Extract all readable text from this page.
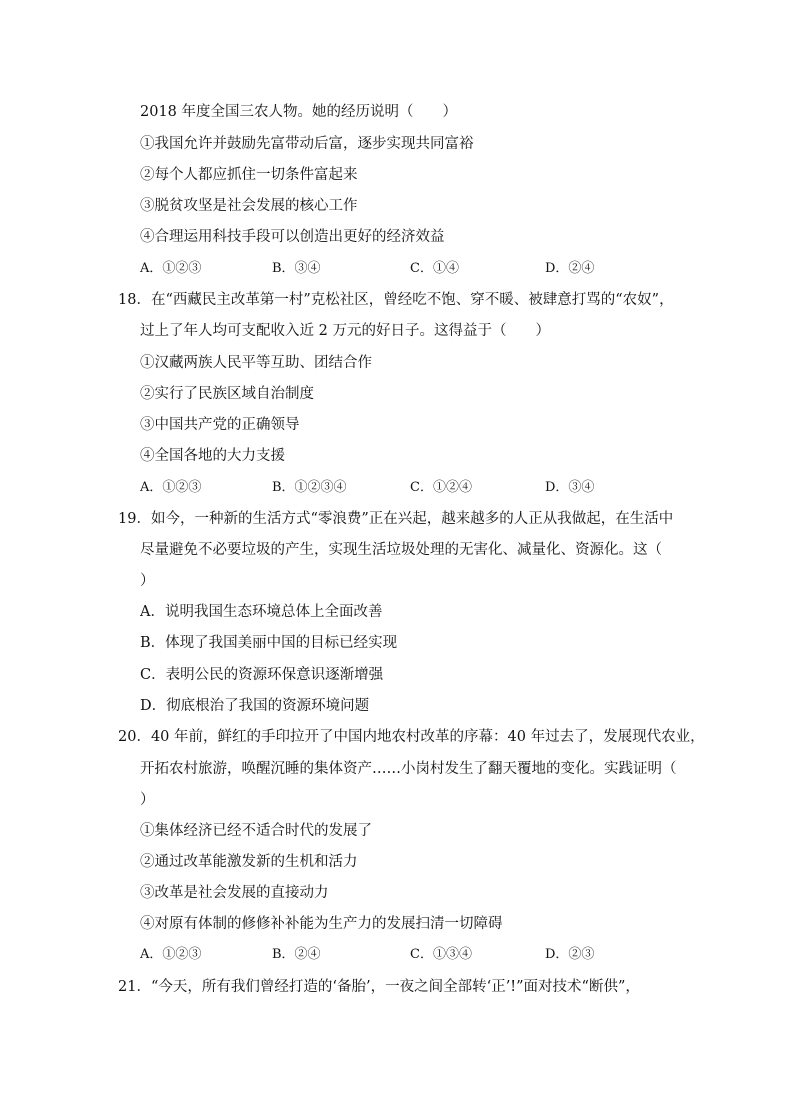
2018 年度全国三农人物。她的经历说明（　　）
①我国允许并鼓励先富带动后富，逐步实现共同富裕
②每个人都应抓住一切条件富起来
③脱贫攻坚是社会发展的核心工作
④合理运用科技手段可以创造出更好的经济效益
A．①②③	B．③④	C．①④	D．②④
18．在“西藏民主改革第一村”克松社区，曾经吃不饱、穿不暖、被肆意打骂的“农奴”，
过上了年人均可支配收入近 2 万元的好日子。这得益于（　　）
①汉藏两族人民平等互助、团结合作
②实行了民族区域自治制度
③中国共产党的正确领导
④全国各地的大力支援
A．①②③	B．①②③④	C．①②④	D．③④
19．如今，一种新的生活方式“零浪费”正在兴起，越来越多的人正从我做起，在生活中
尽量避免不必要垃圾的产生，实现生活垃圾处理的无害化、减量化、资源化。这（
）
A．说明我国生态环境总体上全面改善
B．体现了我国美丽中国的目标已经实现
C．表明公民的资源环保意识逐渐增强
D．彻底根治了我国的资源环境问题
20．40 年前，鲜红的手印拉开了中国内地农村改革的序幕：40 年过去了，发展现代农业，
开拓农村旅游，唤醒沉睡的集体资产……小岗村发生了翻天覆地的变化。实践证明（
）
①集体经济已经不适合时代的发展了
②通过改革能激发新的生机和活力
③改革是社会发展的直接动力
④对原有体制的修修补补能为生产力的发展扫清一切障碍
A．①②③	B．②④	C．①③④	D．②③
21．“今天，所有我们曾经打造的‘备胎’，一夜之间全部转‘正’!”面对技术“断供”，
